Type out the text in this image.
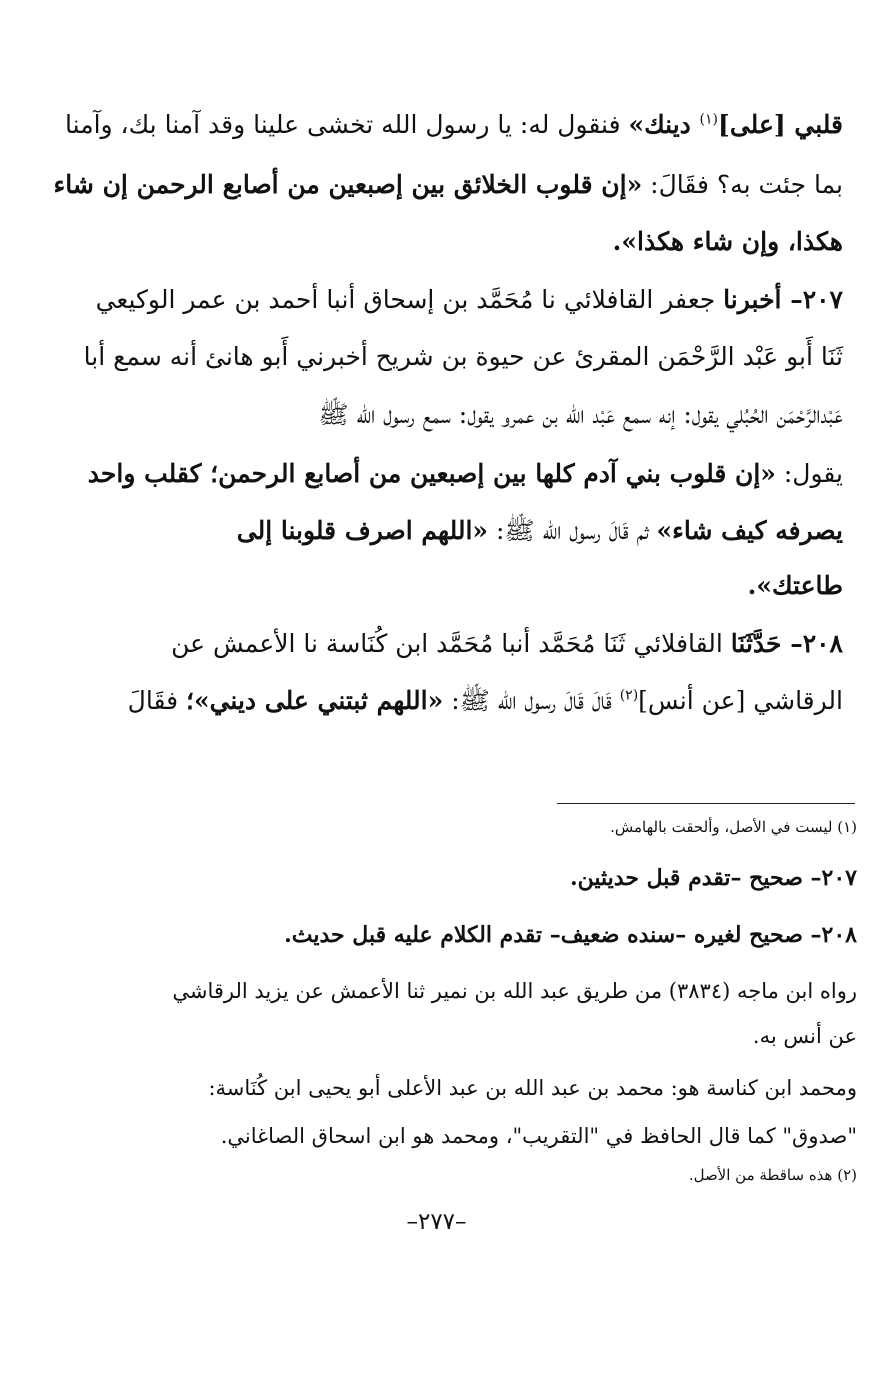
قلبي [على]$^{(١)}$ دينك» فنقول له: يا رسول الله تخشى علينا وقد آمنا بك، وآمنا
بما جئت به؟ فقَالَ: «إن قلوب الخلائق بين إصبعين من أصابع الرحمن إن شاء
هكذا، وإن شاء هكذا».
٢٠٧– أخبرنا جعفر القافلائي نا مُحَمَّد بن إسحاق أنبا أحمد بن عمر الوكيعي
ثَنَا أَبو عَبْد الرَّحْمَن المقرئ عن حيوة بن شريح أخبرني أَبو هانئ أنه سمع أبا
عَبْدالرَّحْمَن الحُبُلي يقول: إنه سمع عَبْد الله بن عمرو يقول: سمع رسول الله ﷺ
يقول: «إن قلوب بني آدم كلها بين إصبعين من أصابع الرحمن؛ كقلب واحد
يصرفه كيف شاء» ثم قَالَ رسول الله ﷺ: «اللهم اصرف قلوبنا إلى
طاعتك».
٢٠٨– حَدَّثَنَا القافلائي ثَنَا مُحَمَّد أنبا مُحَمَّد ابن كُنَاسة نا الأعمش عن
الرقاشي [عن أنس]$^{(٢)}$ قَالَ قَالَ رسول الله ﷺ: «اللهم ثبتني على ديني»؛ فقَالَ
(١) ليست في الأصل، وألحقت بالهامش.
٢٠٧– صحيح –تقدم قبل حديثين.
٢٠٨– صحيح لغيره –سنده ضعيف– تقدم الكلام عليه قبل حديث.
رواه ابن ماجه (٣٨٣٤) من طريق عبد الله بن نمير ثنا الأعمش عن يزيد الرقاشي
عن أنس به.
ومحمد ابن كناسة هو: محمد بن عبد الله بن عبد الأعلى أبو يحيى ابن كُنَاسة:
"صدوق" كما قال الحافظ في "التقريب"، ومحمد هو ابن اسحاق الصاغاني.
(٢) هذه ساقطة من الأصل.
–٢٧٧–
